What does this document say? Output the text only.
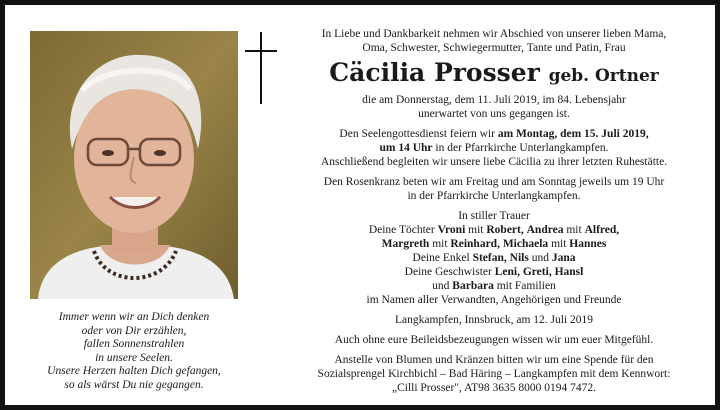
Immer wenn wir an Dich denken
oder von Dir erzählen,
fallen Sonnenstrahlen
in unsere Seelen.
Unsere Herzen halten Dich gefangen,
so als wärst Du nie gegangen.
In Liebe und Dankbarkeit nehmen wir Abschied von unserer lieben Mama,
Oma, Schwester, Schwiegermutter, Tante und Patin, Frau
Cäcilia Prosser geb. Ortner
die am Donnerstag, dem 11. Juli 2019, im 84. Lebensjahr
unerwartet von uns gegangen ist.
Den Seelengottesdienst feiern wir am Montag, dem 15. Juli 2019,
um 14 Uhr in der Pfarrkirche Unterlangkampfen.
Anschließend begleiten wir unsere liebe Cäcilia zu ihrer letzten Ruhestätte.
Den Rosenkranz beten wir am Freitag und am Sonntag jeweils um 19 Uhr
in der Pfarrkirche Unterlangkampfen.
In stiller Trauer
Deine Töchter Vroni mit Robert, Andrea mit Alfred,
Margreth mit Reinhard, Michaela mit Hannes
Deine Enkel Stefan, Nils und Jana
Deine Geschwister Leni, Greti, Hansl
und Barbara mit Familien
im Namen aller Verwandten, Angehörigen und Freunde
Langkampfen, Innsbruck, am 12. Juli 2019
Auch ohne eure Beileidsbezeugungen wissen wir um euer Mitgefühl.
Anstelle von Blumen und Kränzen bitten wir um eine Spende für den
Sozialsprengel Kirchbichl – Bad Häring – Langkampfen mit dem Kennwort:
„Cilli Prosser", AT98 3635 8000 0194 7472.
